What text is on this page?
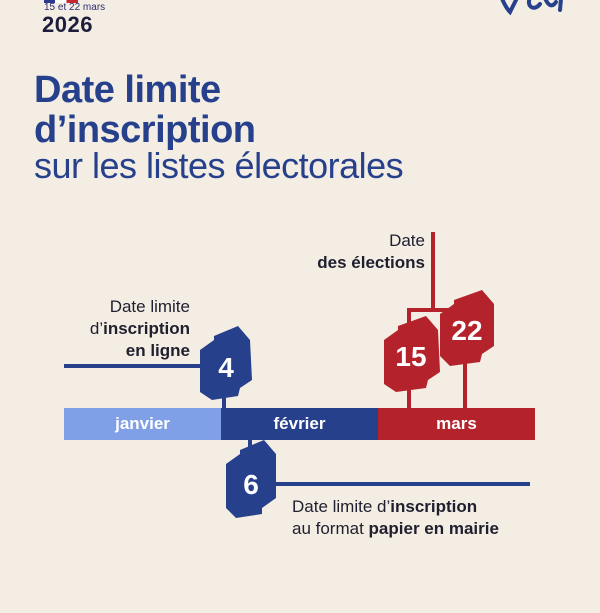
15 et 22 mars
2026
Date limite
d’inscription
sur les listes électorales
4
6
15
22
janvier	février	mars
Date
des élections
Date limite
d’inscription
en ligne
Date limite d’inscription
au format papier en mairie
